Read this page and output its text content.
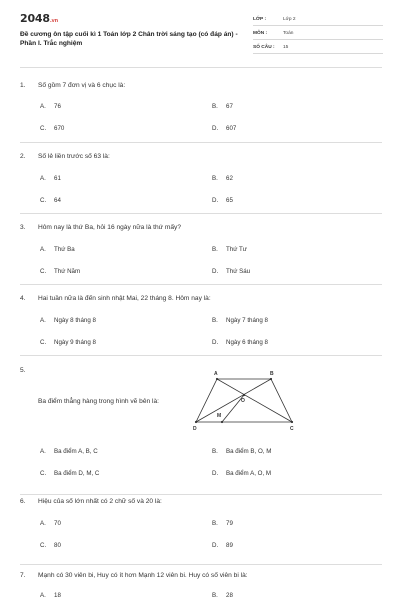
2048.vn
Đề cương ôn tập cuối kì 1 Toán lớp 2 Chân trời sáng tạo (có đáp án) - Phần I. Trắc nghiệm
LỚP :	Lớp 2
MÔN :	Toán
SỐ CÂU : 15
1. Số gồm 7 đơn vị và 6 chục là:
A. 76	B. 67
C. 670	D. 607
2. Số lẻ liền trước số 63 là:
A. 61	B. 62
C. 64	D. 65
3. Hôm nay là thứ Ba, hỏi 16 ngày nữa là thứ mấy?
A. Thứ Ba	B. Thứ Tư
C. Thứ Năm	D. Thứ Sáu
4. Hai tuần nữa là đến sinh nhật Mai, 22 tháng 8. Hôm nay là:
A. Ngày 8 tháng 8	B. Ngày 7 tháng 8
C. Ngày 9 tháng 8	D. Ngày 6 tháng 8
5.
Ba điểm thẳng hàng trong hình vẽ bên là:
A. Ba điểm A, B, C	B. Ba điểm B, O, M
C. Ba điểm D, M, C	D. Ba điểm A, O, M
A	B
O
M
D	C
6. Hiệu của số lớn nhất có 2 chữ số và 20 là:
A. 70	B. 79
C. 80	D. 89
7. Mạnh có 30 viên bi, Huy có ít hơn Mạnh 12 viên bi. Huy có số viên bi là:
A. 18	B. 28
